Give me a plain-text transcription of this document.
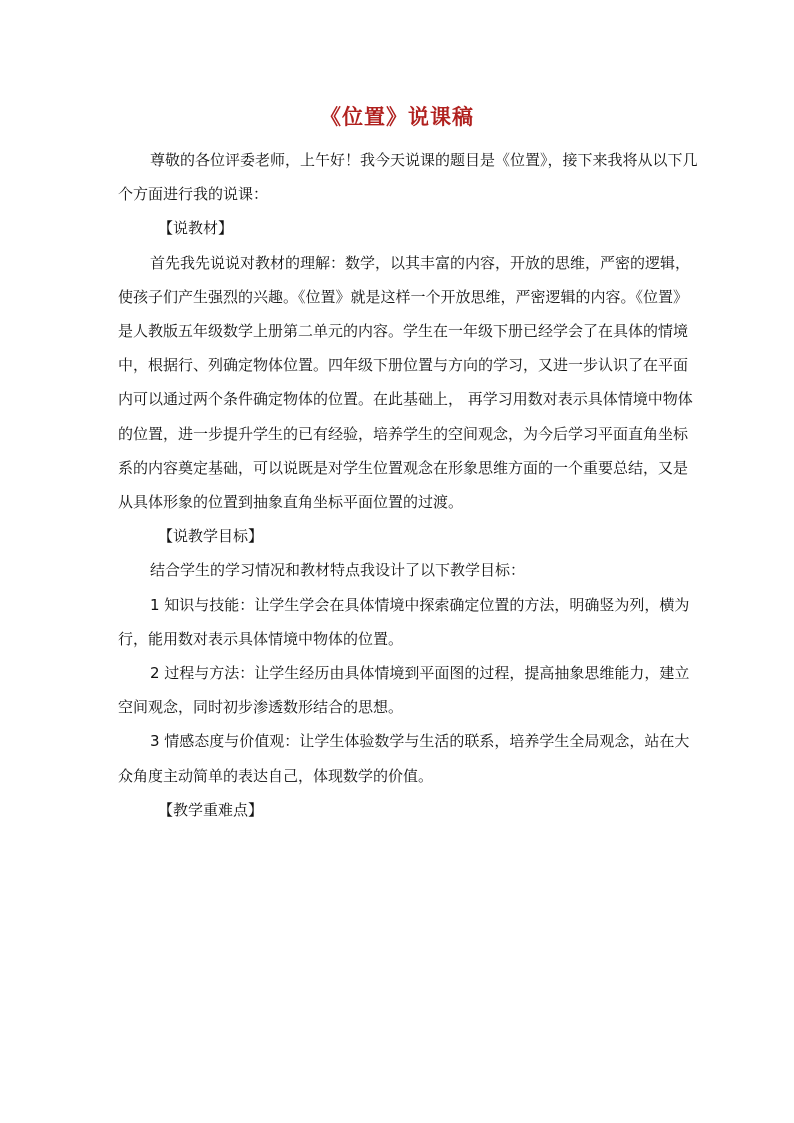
《位置》说课稿

尊敬的各位评委老师，上午好！我今天说课的题目是《位置》，接下来我将从以下几个方面进行我的说课：

【说教材】

首先我先说说对教材的理解：数学，以其丰富的内容，开放的思维，严密的逻辑，使孩子们产生强烈的兴趣。《位置》就是这样一个开放思维，严密逻辑的内容。《位置》是人教版五年级数学上册第二单元的内容。学生在一年级下册已经学会了在具体的情境中，根据行、列确定物体位置。四年级下册位置与方向的学习，又进一步认识了在平面内可以通过两个条件确定物体的位置。在此基础上， 再学习用数对表示具体情境中物体的位置，进一步提升学生的已有经验，培养学生的空间观念，为今后学习平面直角坐标系的内容奠定基础，可以说既是对学生位置观念在形象思维方面的一个重要总结，又是从具体形象的位置到抽象直角坐标平面位置的过渡。

【说教学目标】

结合学生的学习情况和教材特点我设计了以下教学目标：

1 知识与技能：让学生学会在具体情境中探索确定位置的方法，明确竖为列，横为行，能用数对表示具体情境中物体的位置。

2 过程与方法：让学生经历由具体情境到平面图的过程，提高抽象思维能力，建立空间观念，同时初步渗透数形结合的思想。

3 情感态度与价值观：让学生体验数学与生活的联系，培养学生全局观念，站在大众角度主动简单的表达自己，体现数学的价值。

【教学重难点】
